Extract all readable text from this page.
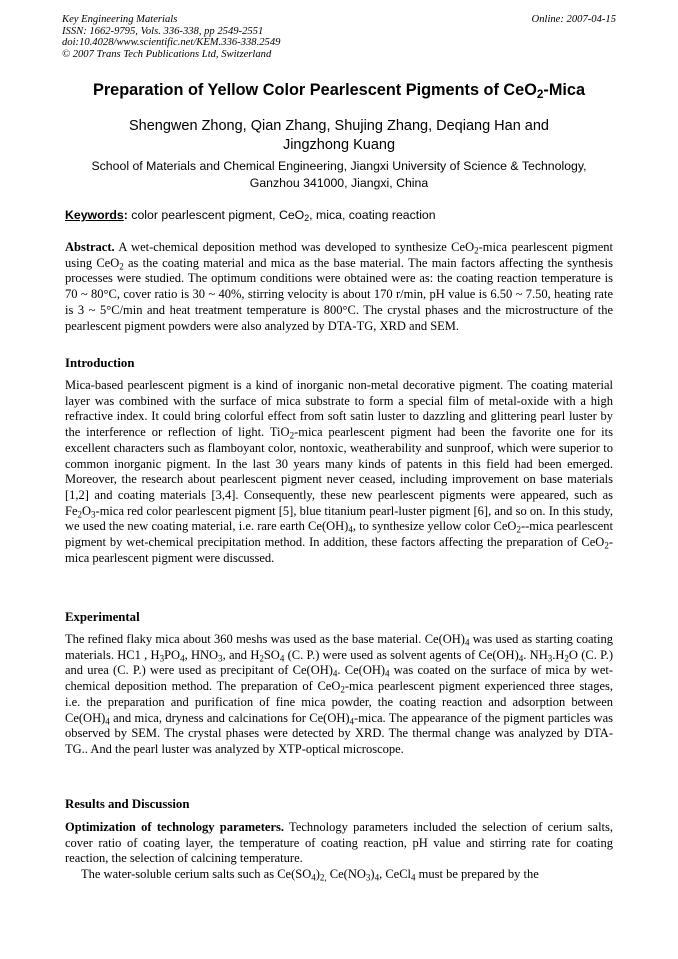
Key Engineering Materials
ISSN: 1662-9795, Vols. 336-338, pp 2549-2551
doi:10.4028/www.scientific.net/KEM.336-338.2549
© 2007 Trans Tech Publications Ltd, Switzerland
Online: 2007-04-15
Preparation of Yellow Color Pearlescent Pigments of CeO$_2$-Mica
Shengwen Zhong, Qian Zhang, Shujing Zhang, Deqiang Han and
Jingzhong Kuang
School of Materials and Chemical Engineering, Jiangxi University of Science & Technology,
Ganzhou 341000, Jiangxi, China
Keywords: color pearlescent pigment, CeO$_2$, mica, coating reaction
Abstract. A wet-chemical deposition method was developed to synthesize CeO$_2$-mica pearlescent pigment using CeO$_2$ as the coating material and mica as the base material. The main factors affecting the synthesis processes were studied. The optimum conditions were obtained were as: the coating reaction temperature is 70 ~ 80°C, cover ratio is 30 ~ 40%, stirring velocity is about 170 r/min, pH value is 6.50 ~ 7.50, heating rate is 3 ~ 5°C/min and heat treatment temperature is 800°C. The crystal phases and the microstructure of the pearlescent pigment powders were also analyzed by DTA-TG, XRD and SEM.
Introduction
Mica-based pearlescent pigment is a kind of inorganic non-metal decorative pigment. The coating material layer was combined with the surface of mica substrate to form a special film of metal-oxide with a high refractive index. It could bring colorful effect from soft satin luster to dazzling and glittering pearl luster by the interference or reflection of light. TiO$_2$-mica pearlescent pigment had been the favorite one for its excellent characters such as flamboyant color, nontoxic, weatherability and sunproof, which were superior to common inorganic pigment. In the last 30 years many kinds of patents in this field had been emerged. Moreover, the research about pearlescent pigment never ceased, including improvement on base materials [1,2] and coating materials [3,4]. Consequently, these new pearlescent pigments were appeared, such as $Fe_2O_3$-mica red color pearlescent pigment [5], blue titanium pearl-luster pigment [6], and so on. In this study, we used the new coating material, i.e. rare earth $Ce(OH)_4$, to synthesize yellow color CeO$_2$--mica pearlescent pigment by wet-chemical precipitation method. In addition, these factors affecting the preparation of CeO$_2$-mica pearlescent pigment were discussed.
Experimental
The refined flaky mica about 360 meshs was used as the base material. $Ce(OH)_4$ was used as starting coating materials. HC1 , $H_3PO_4$, $HNO_3$, and $H_2SO_4$ (C. P.) were used as solvent agents of $Ce(OH)_4$. $NH_3.H_2O$ (C. P.) and urea (C. P.) were used as precipitant of $Ce(OH)_4$. $Ce(OH)_4$ was coated on the surface of mica by wet-chemical deposition method. The preparation of CeO$_2$-mica pearlescent pigment experienced three stages, i.e. the preparation and purification of fine mica powder, the coating reaction and adsorption between $Ce(OH)_4$ and mica, dryness and calcinations for $Ce(OH)_4$-mica. The appearance of the pigment particles was observed by SEM. The crystal phases were detected by XRD. The thermal change was analyzed by DTA-TG.. And the pearl luster was analyzed by XTP-optical microscope.
Results and Discussion

Optimization of technology parameters. Technology parameters included the selection of cerium salts, cover ratio of coating layer, the temperature of coating reaction, pH value and stirring rate for coating reaction, the selection of calcining temperature.

The water-soluble cerium salts such as $Ce(SO_4)_{2,}$ $Ce(NO_3)_4$, CeCl$_4$ must be prepared by the
